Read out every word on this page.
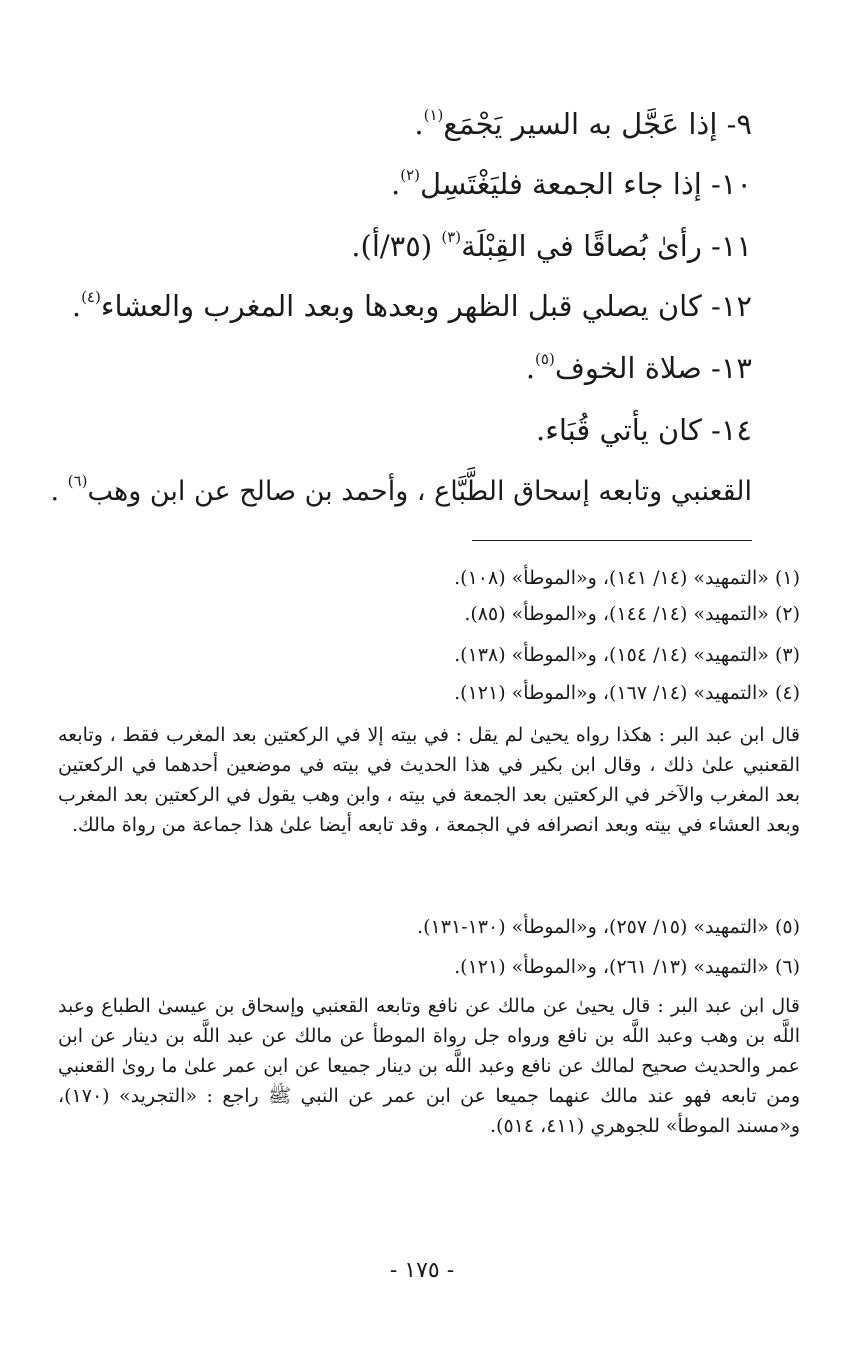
٩- إذا عَجَّل به السير يَجْمَع$^{(١)}$.
١٠- إذا جاء الجمعة فليَغْتَسِل$^{(٢)}$.
١١- رأىٰ بُصاقًا في القِبْلَة$^{(٣)}$ (٣٥/أ).
١٢- كان يصلي قبل الظهر وبعدها وبعد المغرب والعشاء$^{(٤)}$.
١٣- صلاة الخوف$^{(٥)}$.
١٤- كان يأتي قُبَاء.
القعنبي وتابعه إسحاق الطَّبَّاع ، وأحمد بن صالح عن ابن وهب$^{(٦)}$ .
(١) «التمهيد» (١٤/ ١٤١)، و«الموطأ» (١٠٨).
(٢) «التمهيد» (١٤/ ١٤٤)، و«الموطأ» (٨٥).
(٣) «التمهيد» (١٤/ ١٥٤)، و«الموطأ» (١٣٨).
(٤) «التمهيد» (١٤/ ١٦٧)، و«الموطأ» (١٢١).
قال ابن عبد البر : هكذا رواه يحيىٰ لم يقل : في بيته إلا في الركعتين بعد المغرب فقط ، وتابعه القعنبي علىٰ ذلك ، وقال ابن بكير في هذا الحديث في بيته في موضعين أحدهما في الركعتين بعد المغرب والآخر في الركعتين بعد الجمعة في بيته ، وابن وهب يقول في الركعتين بعد المغرب وبعد العشاء في بيته وبعد انصرافه في الجمعة ، وقد تابعه أيضا علىٰ هذا جماعة من رواة مالك.
(٥) «التمهيد» (١٥/ ٢٥٧)، و«الموطأ» (١٣٠-١٣١).
(٦) «التمهيد» (١٣/ ٢٦١)، و«الموطأ» (١٢١).
قال ابن عبد البر : قال يحيىٰ عن مالك عن نافع وتابعه القعنبي وإسحاق بن عيسىٰ الطباع وعبد اللَّه بن وهب وعبد اللَّه بن نافع ورواه جل رواة الموطأ عن مالك عن عبد اللَّه بن دينار عن ابن عمر والحديث صحيح لمالك عن نافع وعبد اللَّه بن دينار جميعا عن ابن عمر علىٰ ما روىٰ القعنبي ومن تابعه فهو عند مالك عنهما جميعا عن ابن عمر عن النبي ﷺ راجع : «التجريد» (١٧٠)، و«مسند الموطأ» للجوهري (٤١١، ٥١٤).
- ١٧٥ -
